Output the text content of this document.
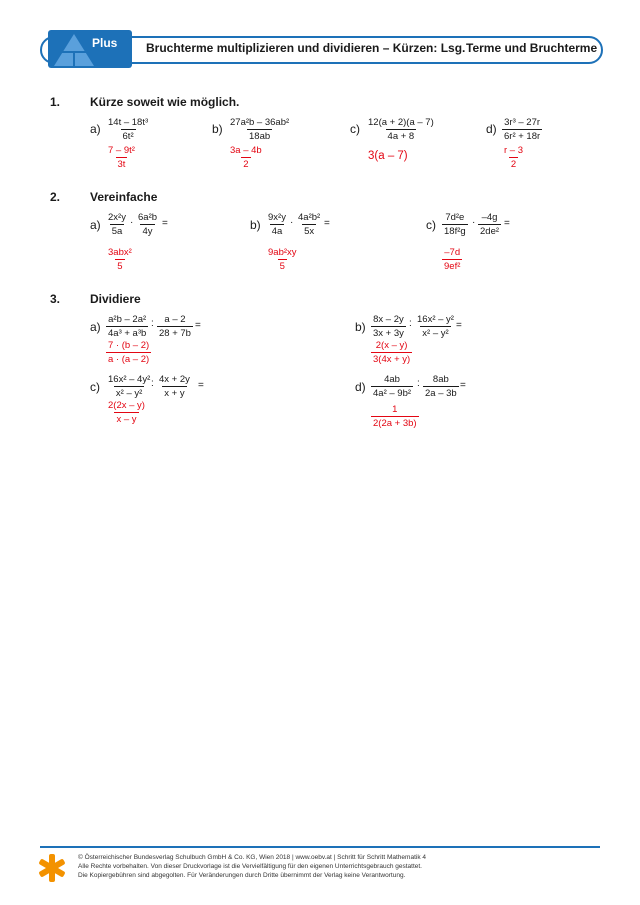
Plus Bruchterme multiplizieren und dividieren – Kürzen: Lsg. Terme und Bruchterme
1. Kürze soweit wie möglich.
$a) \frac{\text{14t – 18t³}}{\text{6t²}}$
$\frac{\text{7 – 9t²}}{3t}$
$b) \frac{\text{27a²b – 36ab²}}{18ab}$
$\frac{3a - 4b}{2}$
$c) \frac{12(a + 2)(a - 7)}{4a + 8}$
3(a – 7)
$d) \frac{\text{3r³ – 27r}}{\text{6r² + 18r}}$
$\frac{r - 3}{2}$
2. Vereinfache
$a) \frac{\text{2x²y}}{5a} \cdot \frac{\text{6a²b}}{4y}$ =
3abx²
5
$b) \frac{\text{9x²y}}{4a} \cdot \frac{\text{4a²b²}}{5x}$ =
$\frac{\text{9ab²xy}}{5}$
$c) \frac{\text{7d²e}}{\text{18f²g}} \cdot \frac{-4g}{\text{2de²}}$ =
$\frac{-7d}{\text{9ef²}}$
3. Dividiere
$a) \frac{\text{a²b – 2a²}}{\text{4a³ + a³b}}$ : $\frac{a - 2}{28 + 7b}$ =
$\frac{7 \cdot (b - 2)}{a \cdot (a - 2)}$
$b) \frac{8x - 2y}{3x + 3y}$ : $\frac{\text{16x² – y²}}{\text{x² – y²}}$ =
$\frac{2(x - y)}{3(4x + y)}$
$c) \frac{\text{16x² – 4y²}}{\text{x² – y²}}$
: $\frac{4x + 2y}{x + y}$ =
$\frac{2(2x - y)}{x - y}$
$d) \frac{4ab}{\text{4a² – 9b²}}$ : $\frac{8ab}{2a - 3b}$ =
$\frac{1}{2(2a + 3b)}$
© Österreichischer Bundesverlag Schulbuch GmbH & Co. KG, Wien 2018 | www.oebv.at | Schritt für Schritt Mathematik 4
Alle Rechte vorbehalten. Von dieser Druckvorlage ist die Vervielfältigung für den eigenen Unterrichtsgebrauch gestattet.
Die Kopiergebühren sind abgegolten. Für Veränderungen durch Dritte übernimmt der Verlag keine Verantwortung.
